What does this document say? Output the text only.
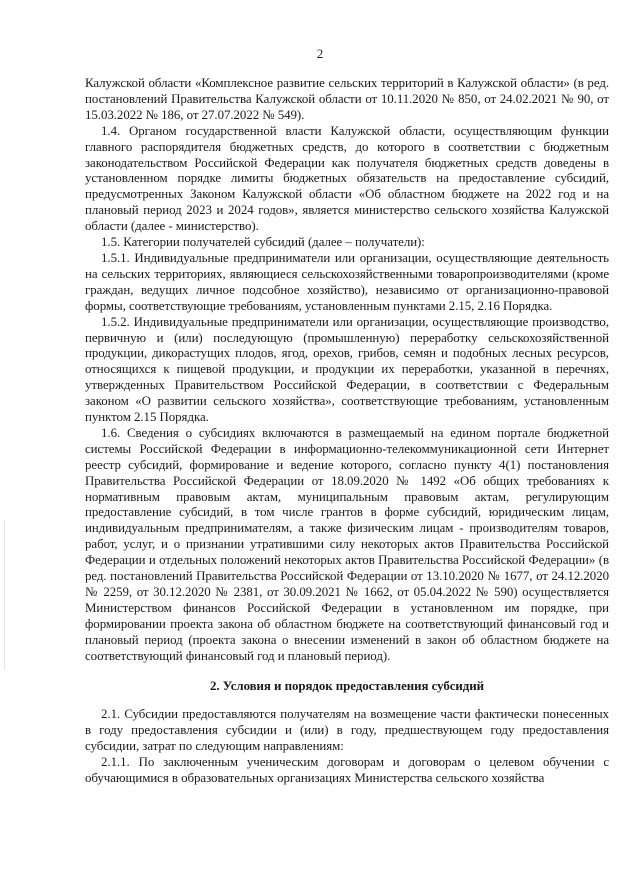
2

Калужской области «Комплексное развитие сельских территорий в Калужской области» (в ред. постановлений Правительства Калужской области от 10.11.2020 № 850, от 24.02.2021 № 90, от 15.03.2022 № 186, от 27.07.2022 № 549).

1.4. Органом государственной власти Калужской области, осуществляющим функции главного распорядителя бюджетных средств, до которого в соответствии с бюджетным законодательством Российской Федерации как получателя бюджетных средств доведены в установленном порядке лимиты бюджетных обязательств на предоставление субсидий, предусмотренных Законом Калужской области «Об областном бюджете на 2022 год и на плановый период 2023 и 2024 годов», является министерство сельского хозяйства Калужской области (далее - министерство).

1.5. Категории получателей субсидий (далее – получатели):

1.5.1. Индивидуальные предприниматели или организации, осуществляющие деятельность на сельских территориях, являющиеся сельскохозяйственными товаропроизводителями (кроме граждан, ведущих личное подсобное хозяйство), независимо от организационно-правовой формы, соответствующие требованиям, установленным пунктами 2.15, 2.16 Порядка.

1.5.2. Индивидуальные предприниматели или организации, осуществляющие производство, первичную и (или) последующую (промышленную) переработку сельскохозяйственной продукции, дикорастущих плодов, ягод, орехов, грибов, семян и подобных лесных ресурсов, относящихся к пищевой продукции, и продукции их переработки, указанной в перечнях, утвержденных Правительством Российской Федерации, в соответствии с Федеральным законом «О развитии сельского хозяйства», соответствующие требованиям, установленным пунктом 2.15 Порядка.

1.6. Сведения о субсидиях включаются в размещаемый на едином портале бюджетной системы Российской Федерации в информационно-телекоммуникационной сети Интернет реестр субсидий, формирование и ведение которого, согласно пункту 4(1) постановления Правительства Российской Федерации от 18.09.2020 № 1492 «Об общих требованиях к нормативным правовым актам, муниципальным правовым актам, регулирующим предоставление субсидий, в том числе грантов в форме субсидий, юридическим лицам, индивидуальным предпринимателям, а также физическим лицам - производителям товаров, работ, услуг, и о признании утратившими силу некоторых актов Правительства Российской Федерации и отдельных положений некоторых актов Правительства Российской Федерации» (в ред. постановлений Правительства Российской Федерации от 13.10.2020 № 1677, от 24.12.2020 № 2259, от 30.12.2020 № 2381, от 30.09.2021 № 1662, от 05.04.2022 № 590) осуществляется Министерством финансов Российской Федерации в установленном им порядке, при формировании проекта закона об областном бюджете на соответствующий финансовый год и плановый период (проекта закона о внесении изменений в закон об областном бюджете на соответствующий финансовый год и плановый период).

2. Условия и порядок предоставления субсидий

2.1. Субсидии предоставляются получателям на возмещение части фактически понесенных в году предоставления субсидии и (или) в году, предшествующем году предоставления субсидии, затрат по следующим направлениям:

2.1.1. По заключенным ученическим договорам и договорам о целевом обучении с обучающимися в образовательных организациях Министерства сельского хозяйства
